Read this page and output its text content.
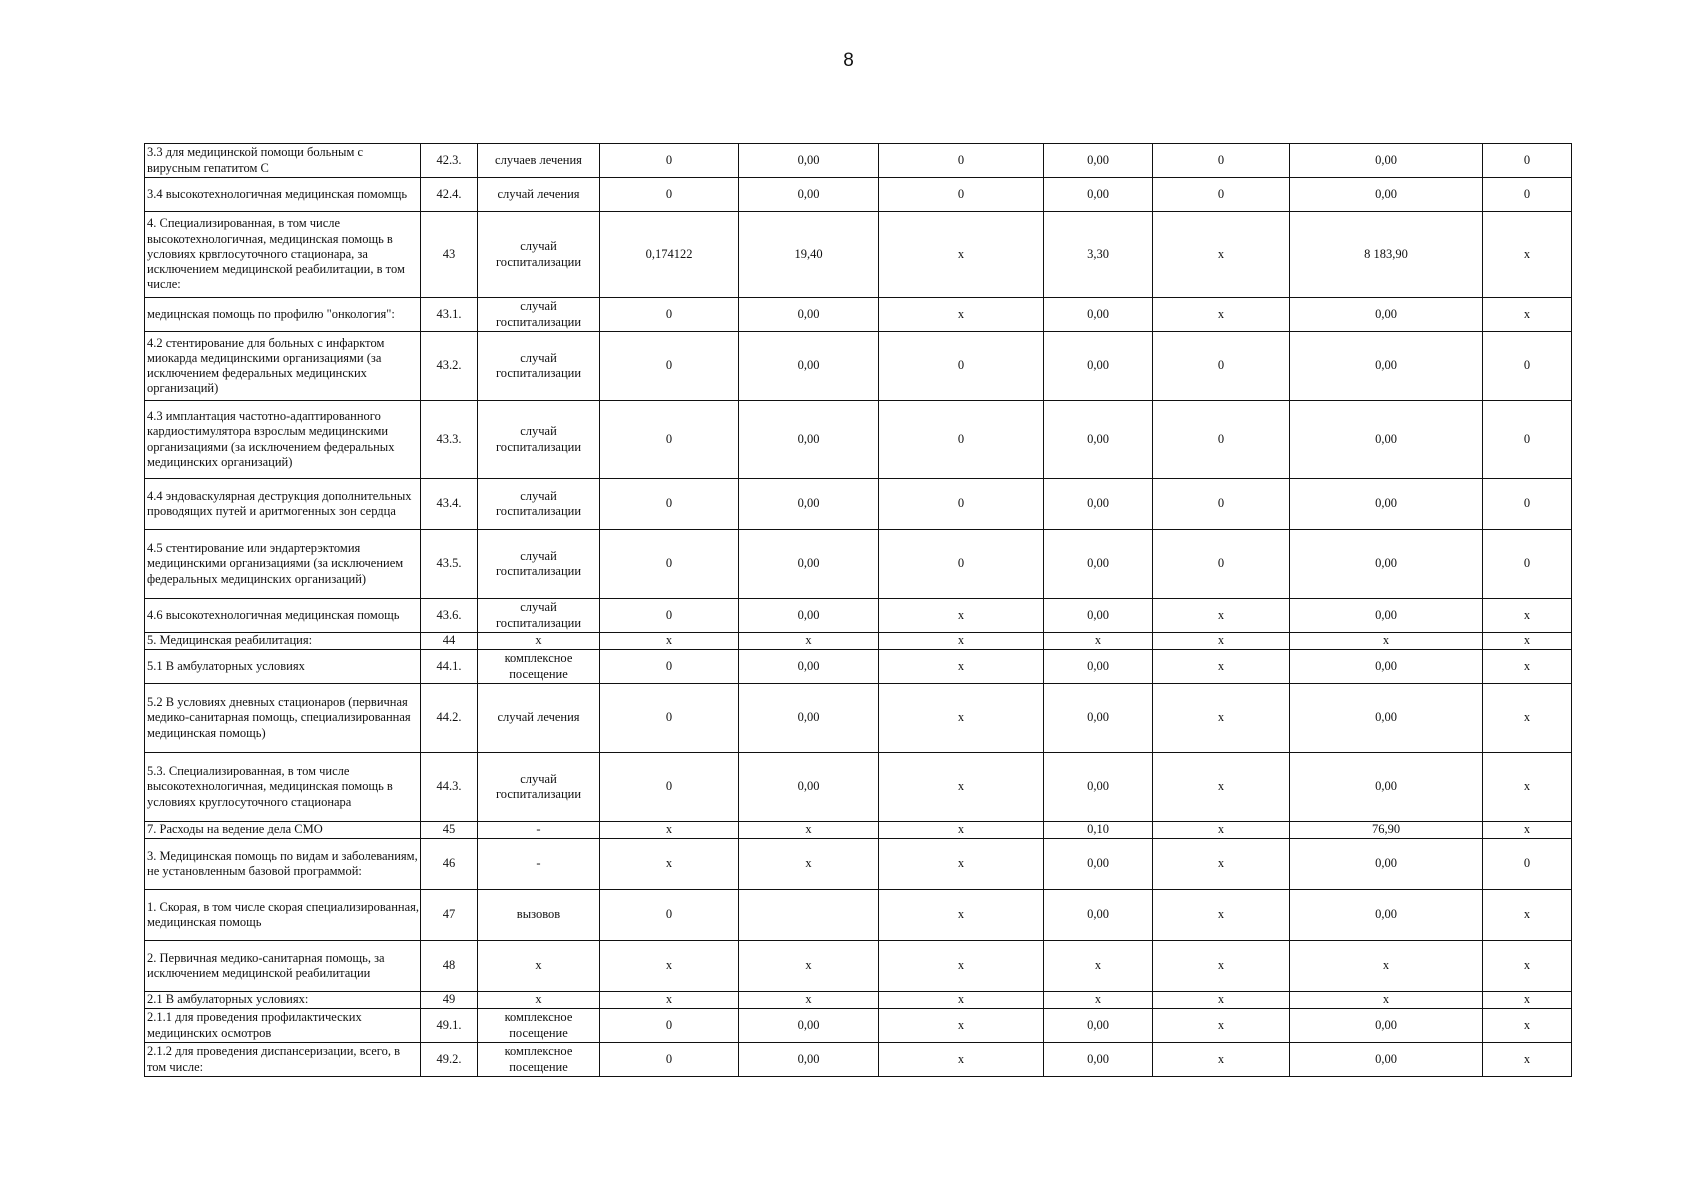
8
3.3 для медицинской помощи больным с вирусным гепатитом С	42.3.	случаев лечения	0	0,00	0	0,00	0	0,00	0
3.4 высокотехнологичная медицинская помомщь	42.4.	случай лечения	0	0,00	0	0,00	0	0,00	0
4. Специализированная, в том числе высокотехнологичная, медицинская помощь в условиях крвглосуточного стационара, за исключением медицинской реабилитации, в том числе:	43	случай госпитализации	0,174122	19,40	х	3,30	х	8 183,90	х
медицнская помощь по профилю "онкология":	43.1.	случай госпитализации	0	0,00	х	0,00	х	0,00	х
4.2 стентирование для больных с инфарктом миокарда медицинскими организациями (за исключением федеральных медицинских организаций)	43.2.	случай госпитализации	0	0,00	0	0,00	0	0,00	0
4.3 имплантация частотно-адаптированного кардиостимулятора взрослым медицинскими организациями (за исключением федеральных медицинских организаций)	43.3.	случай госпитализации	0	0,00	0	0,00	0	0,00	0
4.4 эндоваскулярная деструкция дополнительных проводящих путей и аритмогенных зон сердца	43.4.	случай госпитализации	0	0,00	0	0,00	0	0,00	0
4.5 стентирование или эндартерэктомия медицинскими организациями (за исключением федеральных медицинских организаций)	43.5.	случай госпитализации	0	0,00	0	0,00	0	0,00	0
4.6 высокотехнологичная медицинская помощь	43.6.	случай госпитализации	0	0,00	х	0,00	х	0,00	х
5. Медицинская реабилитация:	44	х	х	х	х	х	х	х	х
5.1 В амбулаторных условиях	44.1.	комплексное посещение	0	0,00	х	0,00	х	0,00	х
5.2 В условиях дневных стационаров (первичная медико-санитарная помощь, специализированная медицинская помощь)	44.2.	случай лечения	0	0,00	х	0,00	х	0,00	х
5.3. Специализированная, в том числе высокотехнологичная, медицинская помощь в условиях круглосуточного стационара	44.3.	случай госпитализации	0	0,00	х	0,00	х	0,00	х
7. Расходы на ведение дела СМО	45	-	х	х	х	0,10	х	76,90	х
3. Медицинская помощь по видам и заболеваниям, не установленным базовой программой:	46	-	х	х	х	0,00	х	0,00	0
1. Скорая, в том числе скорая специализированная, медицинская помощь	47	вызовов	0		х	0,00	х	0,00	х
2. Первичная медико-санитарная помощь, за исключением медицинской реабилитации	48	х	х	х	х	х	х	х	х
2.1 В амбулаторных условиях:	49	х	х	х	х	х	х	х	х
2.1.1 для проведения профилактических медицинских осмотров	49.1.	комплексное посещение	0	0,00	х	0,00	х	0,00	х
2.1.2 для проведения диспансеризации, всего, в том числе:	49.2.	комплексное посещение	0	0,00	х	0,00	х	0,00	х
